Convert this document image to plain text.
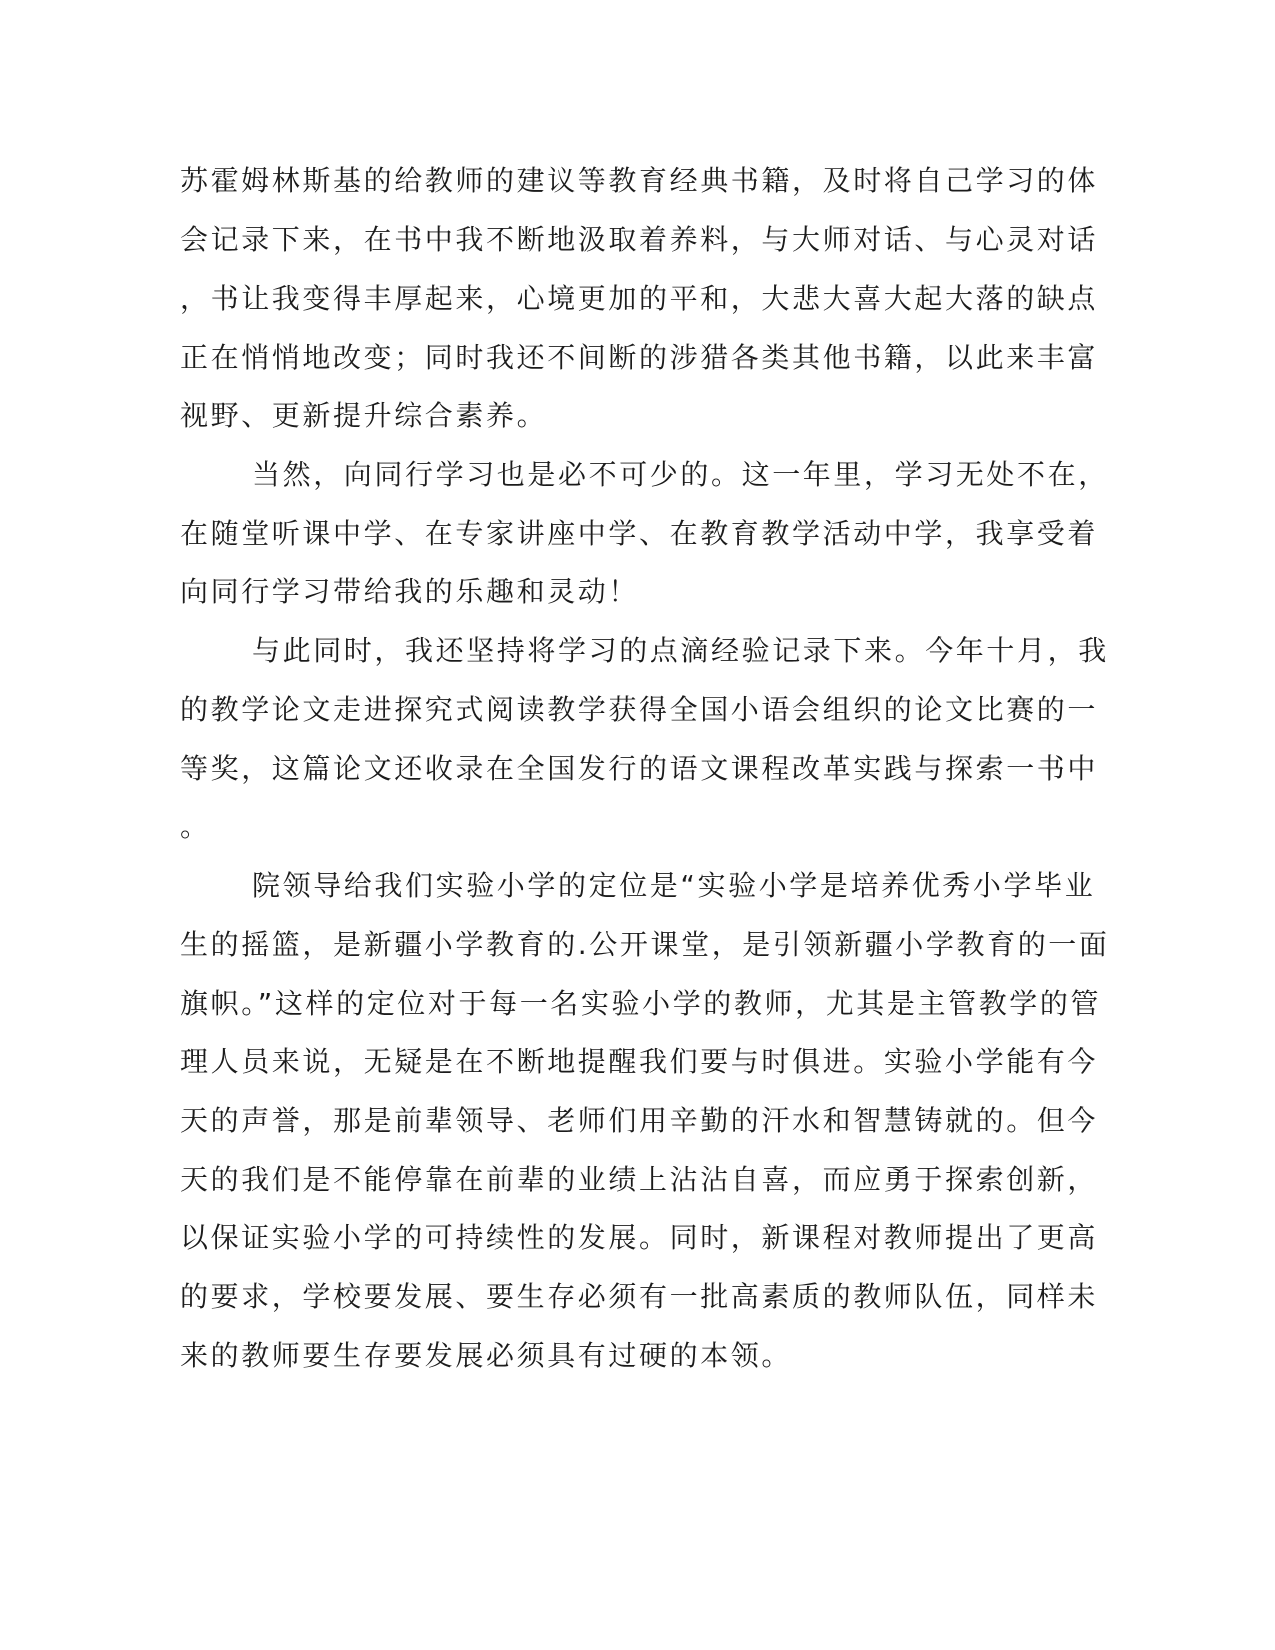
苏霍姆林斯基的给教师的建议等教育经典书籍，及时将自己学习的体

会记录下来，在书中我不断地汲取着养料，与大师对话、与心灵对话

，书让我变得丰厚起来，心境更加的平和，大悲大喜大起大落的缺点

正在悄悄地改变；同时我还不间断的涉猎各类其他书籍，以此来丰富

视野、更新提升综合素养。

当然，向同行学习也是必不可少的。这一年里，学习无处不在，

在随堂听课中学、在专家讲座中学、在教育教学活动中学，我享受着

向同行学习带给我的乐趣和灵动！

与此同时，我还坚持将学习的点滴经验记录下来。今年十月，我

的教学论文走进探究式阅读教学获得全国小语会组织的论文比赛的一

等奖，这篇论文还收录在全国发行的语文课程改革实践与探索一书中

。

院领导给我们实验小学的定位是“实验小学是培养优秀小学毕业

生的摇篮，是新疆小学教育的.公开课堂，是引领新疆小学教育的一面

旗帜。”这样的定位对于每一名实验小学的教师，尤其是主管教学的管

理人员来说，无疑是在不断地提醒我们要与时俱进。实验小学能有今

天的声誉，那是前辈领导、老师们用辛勤的汗水和智慧铸就的。但今

天的我们是不能停靠在前辈的业绩上沾沾自喜，而应勇于探索创新，

以保证实验小学的可持续性的发展。同时，新课程对教师提出了更高

的要求，学校要发展、要生存必须有一批高素质的教师队伍，同样未

来的教师要生存要发展必须具有过硬的本领。
